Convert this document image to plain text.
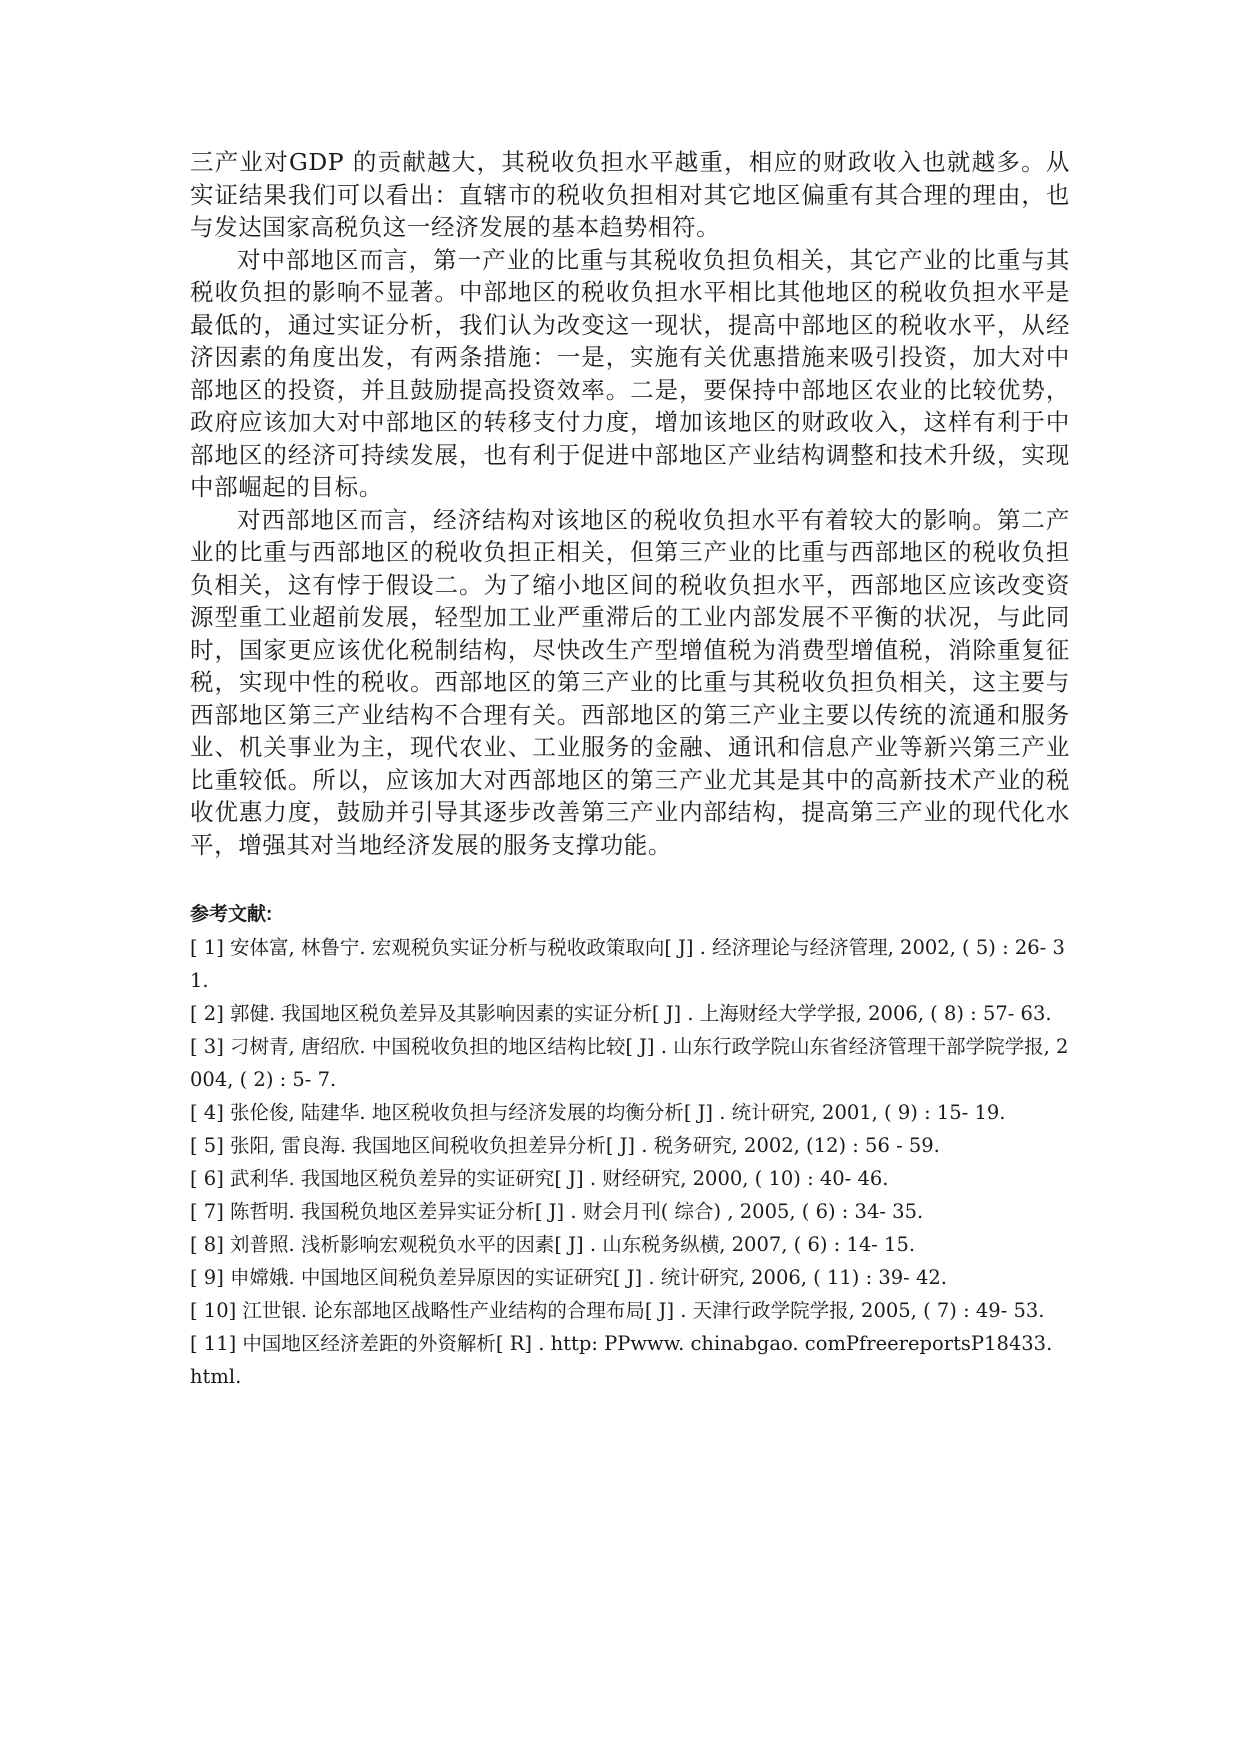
三产业对GDP 的贡献越大，其税收负担水平越重，相应的财政收入也就越多。从实证结果我们可以看出：直辖市的税收负担相对其它地区偏重有其合理的理由，也与发达国家高税负这一经济发展的基本趋势相符。

对中部地区而言，第一产业的比重与其税收负担负相关，其它产业的比重与其税收负担的影响不显著。中部地区的税收负担水平相比其他地区的税收负担水平是最低的，通过实证分析，我们认为改变这一现状，提高中部地区的税收水平，从经济因素的角度出发，有两条措施：一是，实施有关优惠措施来吸引投资，加大对中部地区的投资，并且鼓励提高投资效率。二是，要保持中部地区农业的比较优势，政府应该加大对中部地区的转移支付力度，增加该地区的财政收入，这样有利于中部地区的经济可持续发展，也有利于促进中部地区产业结构调整和技术升级，实现中部崛起的目标。

对西部地区而言，经济结构对该地区的税收负担水平有着较大的影响。第二产业的比重与西部地区的税收负担正相关，但第三产业的比重与西部地区的税收负担负相关，这有悖于假设二。为了缩小地区间的税收负担水平，西部地区应该改变资源型重工业超前发展，轻型加工业严重滞后的工业内部发展不平衡的状况，与此同时，国家更应该优化税制结构，尽快改生产型增值税为消费型增值税，消除重复征税，实现中性的税收。西部地区的第三产业的比重与其税收负担负相关，这主要与西部地区第三产业结构不合理有关。西部地区的第三产业主要以传统的流通和服务业、机关事业为主，现代农业、工业服务的金融、通讯和信息产业等新兴第三产业比重较低。所以，应该加大对西部地区的第三产业尤其是其中的高新技术产业的税收优惠力度，鼓励并引导其逐步改善第三产业内部结构，提高第三产业的现代化水平，增强其对当地经济发展的服务支撑功能。

参考文献:

[ 1] 安体富, 林鲁宁. 宏观税负实证分析与税收政策取向[ J] . 经济理论与经济管理, 2002, ( 5) : 26- 31.
[ 2] 郭健. 我国地区税负差异及其影响因素的实证分析[ J] . 上海财经大学学报, 2006, ( 8) : 57- 63.
[ 3] 刁树青, 唐绍欣. 中国税收负担的地区结构比较[ J] . 山东行政学院山东省经济管理干部学院学报, 2004, ( 2) : 5- 7.
[ 4] 张伦俊, 陆建华. 地区税收负担与经济发展的均衡分析[ J] . 统计研究, 2001, ( 9) : 15- 19.
[ 5] 张阳, 雷良海. 我国地区间税收负担差异分析[ J] . 税务研究, 2002, (12) : 56 - 59.
[ 6] 武利华. 我国地区税负差异的实证研究[ J] . 财经研究, 2000, ( 10) : 40- 46.
[ 7] 陈哲明. 我国税负地区差异实证分析[ J] . 财会月刊( 综合) , 2005, ( 6) : 34- 35.
[ 8] 刘普照. 浅析影响宏观税负水平的因素[ J] . 山东税务纵横, 2007, ( 6) : 14- 15.
[ 9] 申嫦娥. 中国地区间税负差异原因的实证研究[ J] . 统计研究, 2006, ( 11) : 39- 42.
[ 10] 江世银. 论东部地区战略性产业结构的合理布局[ J] . 天津行政学院学报, 2005, ( 7) : 49- 53.
[ 11] 中国地区经济差距的外资解析[ R] . http: PPwww. chinabgao. comPfreereportsP18433. html.
